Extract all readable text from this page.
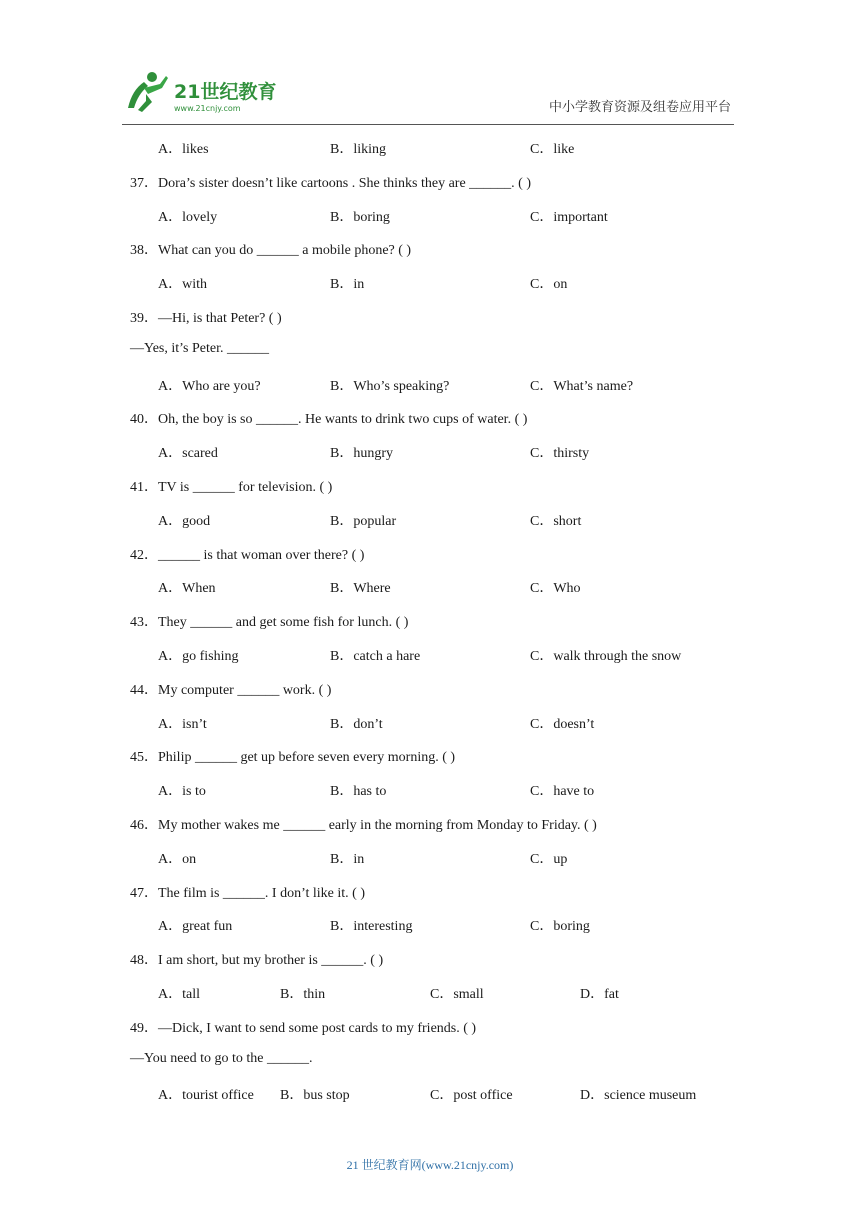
21世纪教育
www.21cnjy.com	中小学教育资源及组卷应用平台
A．likes	B．liking	C．like
37．Dora’s sister doesn’t like cartoons . She thinks they are ______. ( )
A．lovely	B．boring	C．important
38．What can you do ______ a mobile phone? ( )
A．with	B．in	C．on
39．—Hi, is that Peter? ( )
—Yes, it’s Peter. ______
A．Who are you?	B．Who’s speaking?	C．What’s name?
40．Oh, the boy is so ______. He wants to drink two cups of water. ( )
A．scared	B．hungry	C．thirsty
41．TV is ______ for television. ( )
A．good	B．popular	C．short
42．______ is that woman over there? ( )
A．When	B．Where	C．Who
43．They ______ and get some fish for lunch. ( )
A．go fishing	B．catch a hare	C．walk through the snow
44．My computer ______ work. ( )
A．isn’t	B．don’t	C．doesn’t
45．Philip ______ get up before seven every morning. ( )
A．is to	B．has to	C．have to
46．My mother wakes me ______ early in the morning from Monday to Friday. ( )
A．on	B．in	C．up
47．The film is ______. I don’t like it. ( )
A．great fun	B．interesting	C．boring
48．I am short, but my brother is ______. ( )
A．tall	B．thin	C．small	D．fat
49．—Dick, I want to send some post cards to my friends. ( )
—You need to go to the ______.
A．tourist office B．bus stop	C．post office	D．science museum
21 世纪教育网(www.21cnjy.com)
